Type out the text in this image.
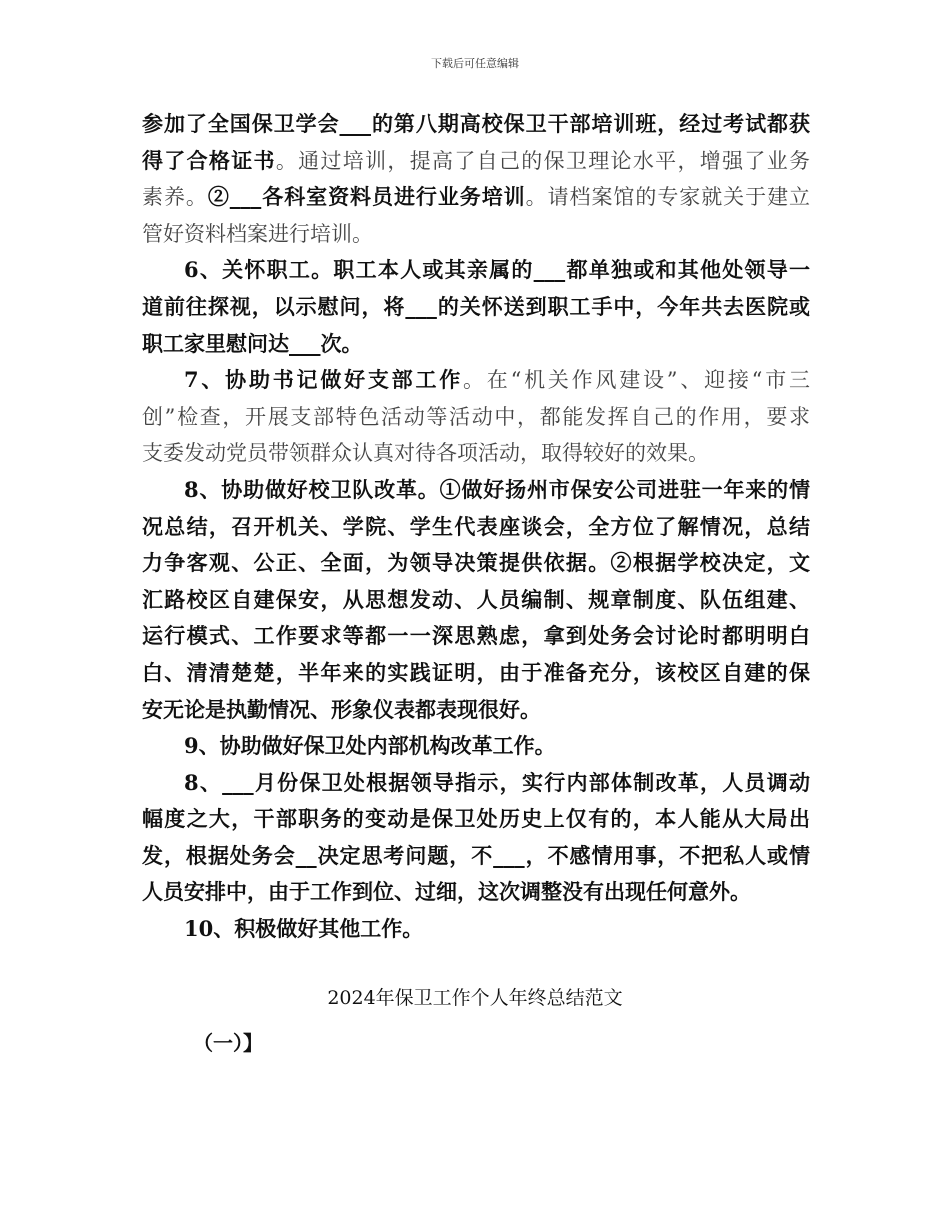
下载后可任意编辑
参加了全国保卫学会___的第八期高校保卫干部培训班，经过考试都获
得了合格证书。通过培训，提高了自己的保卫理论水平，增强了业务
素养。②___各科室资料员进行业务培训。请档案馆的专家就关于建立
管好资料档案进行培训。
6、关怀职工。职工本人或其亲属的___都单独或和其他处领导一
道前往探视，以示慰问，将___的关怀送到职工手中，今年共去医院或
职工家里慰问达___次。
7、协助书记做好支部工作。在“机关作风建设”、迎接“市三
创”检查，开展支部特色活动等活动中，都能发挥自己的作用，要求
支委发动党员带领群众认真对待各项活动，取得较好的效果。
8、协助做好校卫队改革。①做好扬州市保安公司进驻一年来的情
况总结，召开机关、学院、学生代表座谈会，全方位了解情况，总结
力争客观、公正、全面，为领导决策提供依据。②根据学校决定，文
汇路校区自建保安，从思想发动、人员编制、规章制度、队伍组建、
运行模式、工作要求等都一一深思熟虑，拿到处务会讨论时都明明白
白、清清楚楚，半年来的实践证明，由于准备充分，该校区自建的保
安无论是执勤情况、形象仪表都表现很好。
9、协助做好保卫处内部机构改革工作。
8、___月份保卫处根据领导指示，实行内部体制改革，人员调动
幅度之大，干部职务的变动是保卫处历史上仅有的，本人能从大局出
发，根据处务会__决定思考问题，不___，不感情用事，不把私人或情
人员安排中，由于工作到位、过细，这次调整没有出现任何意外。
10、积极做好其他工作。
2024年保卫工作个人年终总结范文
（一）】
